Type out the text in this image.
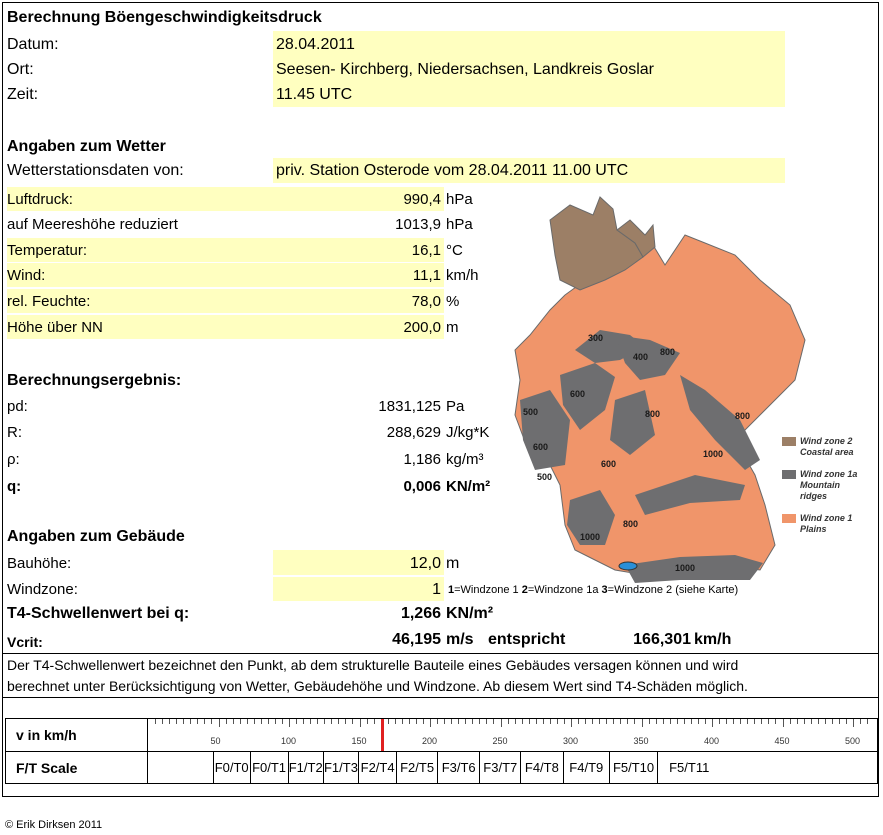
Berechnung Böengeschwindigkeitsdruck
Datum:	28.04.2011
Ort:	Seesen- Kirchberg, Niedersachsen, Landkreis Goslar
Zeit:	11.45 UTC
Angaben zum Wetter
Wetterstationsdaten von:	priv. Station Osterode vom 28.04.2011 11.00 UTC
Luftdruck:	990,4 hPa
auf Meereshöhe reduziert	1013,9 hPa
Temperatur:	16,1 °C
Wind:	11,1 km/h
rel. Feuchte:	78,0 %
Höhe über NN	200,0 m
Berechnungsergebnis:
pd:	1831,125 Pa
R:	288,629 J/kg*K
ρ:	1,186 kg/m³
q:	0,006 KN/m²
Angaben zum Gebäude
Bauhöhe:	12,0 m
Windzone:	1 1=Windzone 1 2=Windzone 1a 3=Windzone 2 (siehe Karte)
T4-Schwellenwert bei q:	1,266 KN/m²
Vcrit:	46,195 m/s entspricht	166,301 km/h
Der T4-Schwellenwert bezeichnet den Punkt, ab dem strukturelle Bauteile eines Gebäudes versagen können und wird
berechnet unter Berücksichtigung von Wetter, Gebäudehöhe und Windzone. Ab diesem Wert sind T4-Schäden möglich.
300
400 800
600
500	800	800
600
1000
600
500
800
1000
1000
Wind zone 2
Coastal area
Wind zone 1a
Mountain
ridges
Wind zone 1
Plains
v in km/h
F/T Scale
50	100	150	200	250	300	350	400	450	500
F0/T0 F0/T1 F1/T2 F1/T3 F2/T4 F2/T5 F3/T6 F3/T7 F4/T8 F4/T9 F5/T10	F5/T11
© Erik Dirksen 2011
